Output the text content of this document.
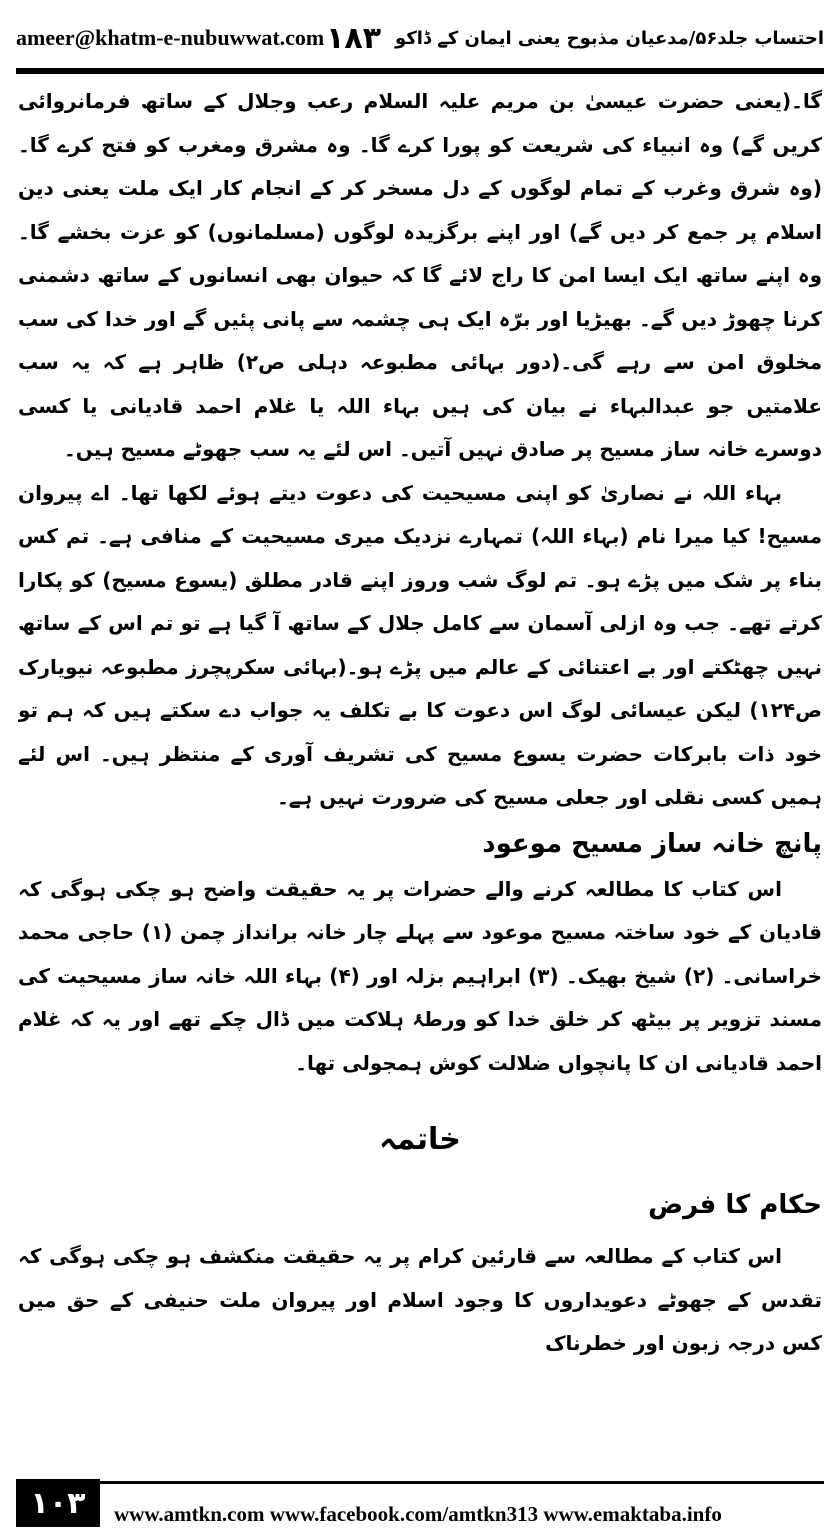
ameer@khatm-e-nubuwwat.com	احتساب جلد۵۶/مدعیان مذبوح یعنی ایمان کے ڈاکو
۱۸۳

گا۔(یعنی حضرت عیسیٰ بن مریم علیہ السلام رعب وجلال کے ساتھ فرمانروائی کریں گے) وہ انبیاء کی شریعت کو پورا کرے گا۔ وہ مشرق ومغرب کو فتح کرے گا۔(وہ شرق وغرب کے تمام لوگوں کے دل مسخر کر کے انجام کار ایک ملت یعنی دین اسلام پر جمع کر دیں گے) اور اپنے برگزیدہ لوگوں (مسلمانوں) کو عزت بخشے گا۔ وہ اپنے ساتھ ایک ایسا امن کا راج لائے گا کہ حیوان بھی انسانوں کے ساتھ دشمنی کرنا چھوڑ دیں گے۔ بھیڑیا اور برّہ ایک ہی چشمہ سے پانی پئیں گے اور خدا کی سب مخلوق امن سے رہے گی۔(دور بہائی مطبوعہ دہلی ص۲) ظاہر ہے کہ یہ سب علامتیں جو عبدالبہاء نے بیان کی ہیں بہاء اللہ یا غلام احمد قادیانی یا کسی دوسرے خانہ ساز مسیح پر صادق نہیں آتیں۔ اس لئے یہ سب جھوٹے مسیح ہیں۔

بہاء اللہ نے نصاریٰ کو اپنی مسیحیت کی دعوت دیتے ہوئے لکھا تھا۔ اے پیروان مسیح! کیا میرا نام (بہاء اللہ) تمہارے نزدیک میری مسیحیت کے منافی ہے۔ تم کس بناء پر شک میں پڑے ہو۔ تم لوگ شب وروز اپنے قادر مطلق (یسوع مسیح) کو پکارا کرتے تھے۔ جب وہ ازلی آسمان سے کامل جلال کے ساتھ آ گیا ہے تو تم اس کے ساتھ نہیں چھٹکتے اور بے اعتنائی کے عالم میں پڑے ہو۔(بہائی سکرپچرز مطبوعہ نیویارک ص۱۲۴) لیکن عیسائی لوگ اس دعوت کا بے تکلف یہ جواب دے سکتے ہیں کہ ہم تو خود ذات بابرکات حضرت یسوع مسیح کی تشریف آوری کے منتظر ہیں۔ اس لئے ہمیں کسی نقلی اور جعلی مسیح کی ضرورت نہیں ہے۔

پانچ خانہ ساز مسیح موعود

اس کتاب کا مطالعہ کرنے والے حضرات پر یہ حقیقت واضح ہو چکی ہوگی کہ قادیان کے خود ساختہ مسیح موعود سے پہلے چار خانہ برانداز چمن (۱) حاجی محمد خراسانی۔ (۲) شیخ بھیک۔ (۳) ابراہیم بزلہ اور (۴) بہاء اللہ خانہ ساز مسیحیت کی مسند تزویر پر بیٹھ کر خلق خدا کو ورطۂ ہلاکت میں ڈال چکے تھے اور یہ کہ غلام احمد قادیانی ان کا پانچواں ضلالت کوش ہمجولی تھا۔

خاتمہ
حکام کا فرض

اس کتاب کے مطالعہ سے قارئین کرام پر یہ حقیقت منکشف ہو چکی ہوگی کہ تقدس کے جھوٹے دعویداروں کا وجود اسلام اور پیروان ملت حنیفی کے حق میں کس درجہ زبون اور خطرناک

۱۰۳	www.amtkn.com www.facebook.com/amtkn313 www.emaktaba.info
